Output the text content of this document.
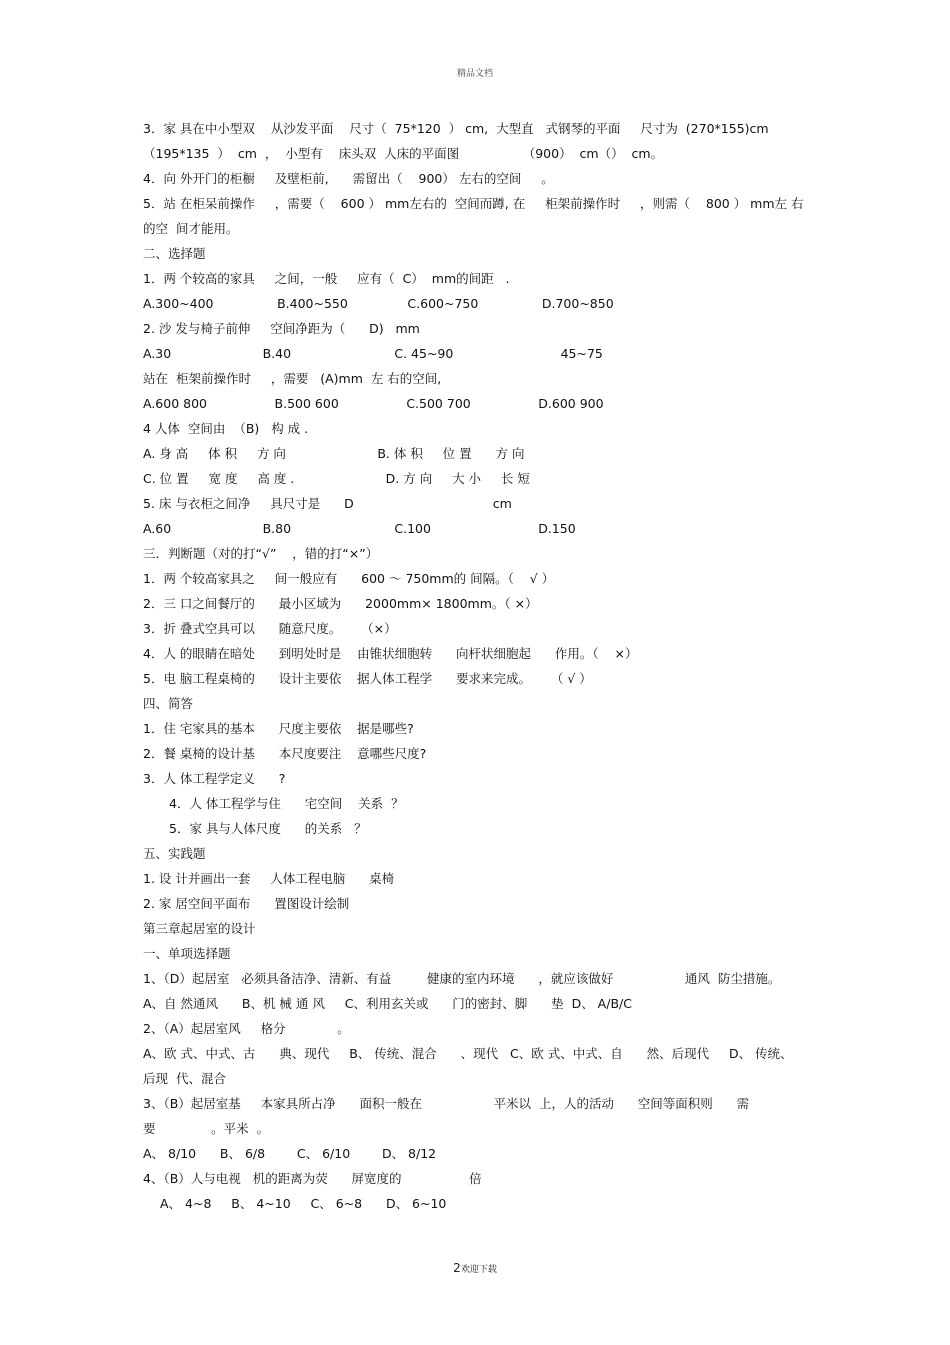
精品文档
3．家 具在中小型双    从沙发平面    尺寸（  75*120  ） cm,  大型直   式钢琴的平面     尺寸为  (270*155)cm
（195*135  ）  cm  ，  小型有    床头双  人床的平面图                （900）  cm（）  cm。
4．向 外开门的柜橱     及壁柜前,      需留出（    900） 左右的空间     。
5．站 在柜呆前操作     ，需要（    600 ） mm左右的  空间而蹲, 在     柜架前操作时     ，则需（    800 ） mm左 右
的空  间才能用。
二、选择题
1．两 个较高的家具     之间，一般     应有（  C）  mm的间距   .
A.300~400                B.400~550               C.600~750                D.700~850
2. 沙 发与椅子前伸     空间净距为（      D)   mm
A.30                       B.40                          C. 45~90                           45~75
站在  柜架前操作时     ，需要   (A)mm  左 右的空间,
A.600 800                 B.500 600                 C.500 700                 D.600 900
4 人体  空间由  （B)   构 成 .
A. 身 高     体 积     方 向                       B. 体 积     位 置      方 向
C. 位 置     宽 度     高 度 .                       D. 方 向     大 小     长 短
5. 床 与衣柜之间净     具尺寸是      D                                   cm
A.60                       B.80                          C.100                           D.150
三．判断题（对的打“√”    ，错的打“×”）
1．两 个较高家具之     间一般应有      600 ～ 750mm的 间隔。（    √ ）
2．三 口之间餐厅的      最小区域为      2000mm× 1800mm。（ ×）
3．折 叠式空具可以      随意尺度。     （×）
4．人 的眼睛在暗处      到明处时是    由锥状细胞转      向杆状细胞起      作用。（    ×）
5．电 脑工程桌椅的      设计主要依    据人体工程学      要求来完成。     （ √ ）
四、简答
1．住 宅家具的基本      尺度主要依    据是哪些?
2．餐 桌椅的设计基      本尺度要注    意哪些尺度?
3．人 体工程学定义      ?
4．人 体工程学与住      宅空间    关系  ？
5．家 具与人体尺度      的关系   ？
五、实践题
1. 设 计并画出一套     人体工程电脑      桌椅
2. 家 居空间平面布      置图设计绘制
第三章起居室的设计
一、单项选择题
1、（D）起居室   必须具备洁净、清新、有益         健康的室内环境      ，就应该做好                  通风  防尘措施。
A、自 然通风      B、机 械 通 风     C、利用玄关或      门的密封、脚      垫  D、 A/B/C
2、（A）起居室风     格分             。
A、欧 式、中式、古      典、现代     B、 传统、混合      、现代   C、欧 式、中式、自      然、后现代     D、 传统、
后现  代、混合
3、（B）起居室基     本家具所占净      面积一般在                  平米以  上，人的活动      空间等面积则      需
要              。平米  。
A、 8/10      B、 6/8        C、 6/10        D、 8/12
4、（B）人与电视   机的距离为荧      屏宽度的                 倍
A、 4~8     B、 4~10     C、 6~8      D、 6~10
2欢迎下载
